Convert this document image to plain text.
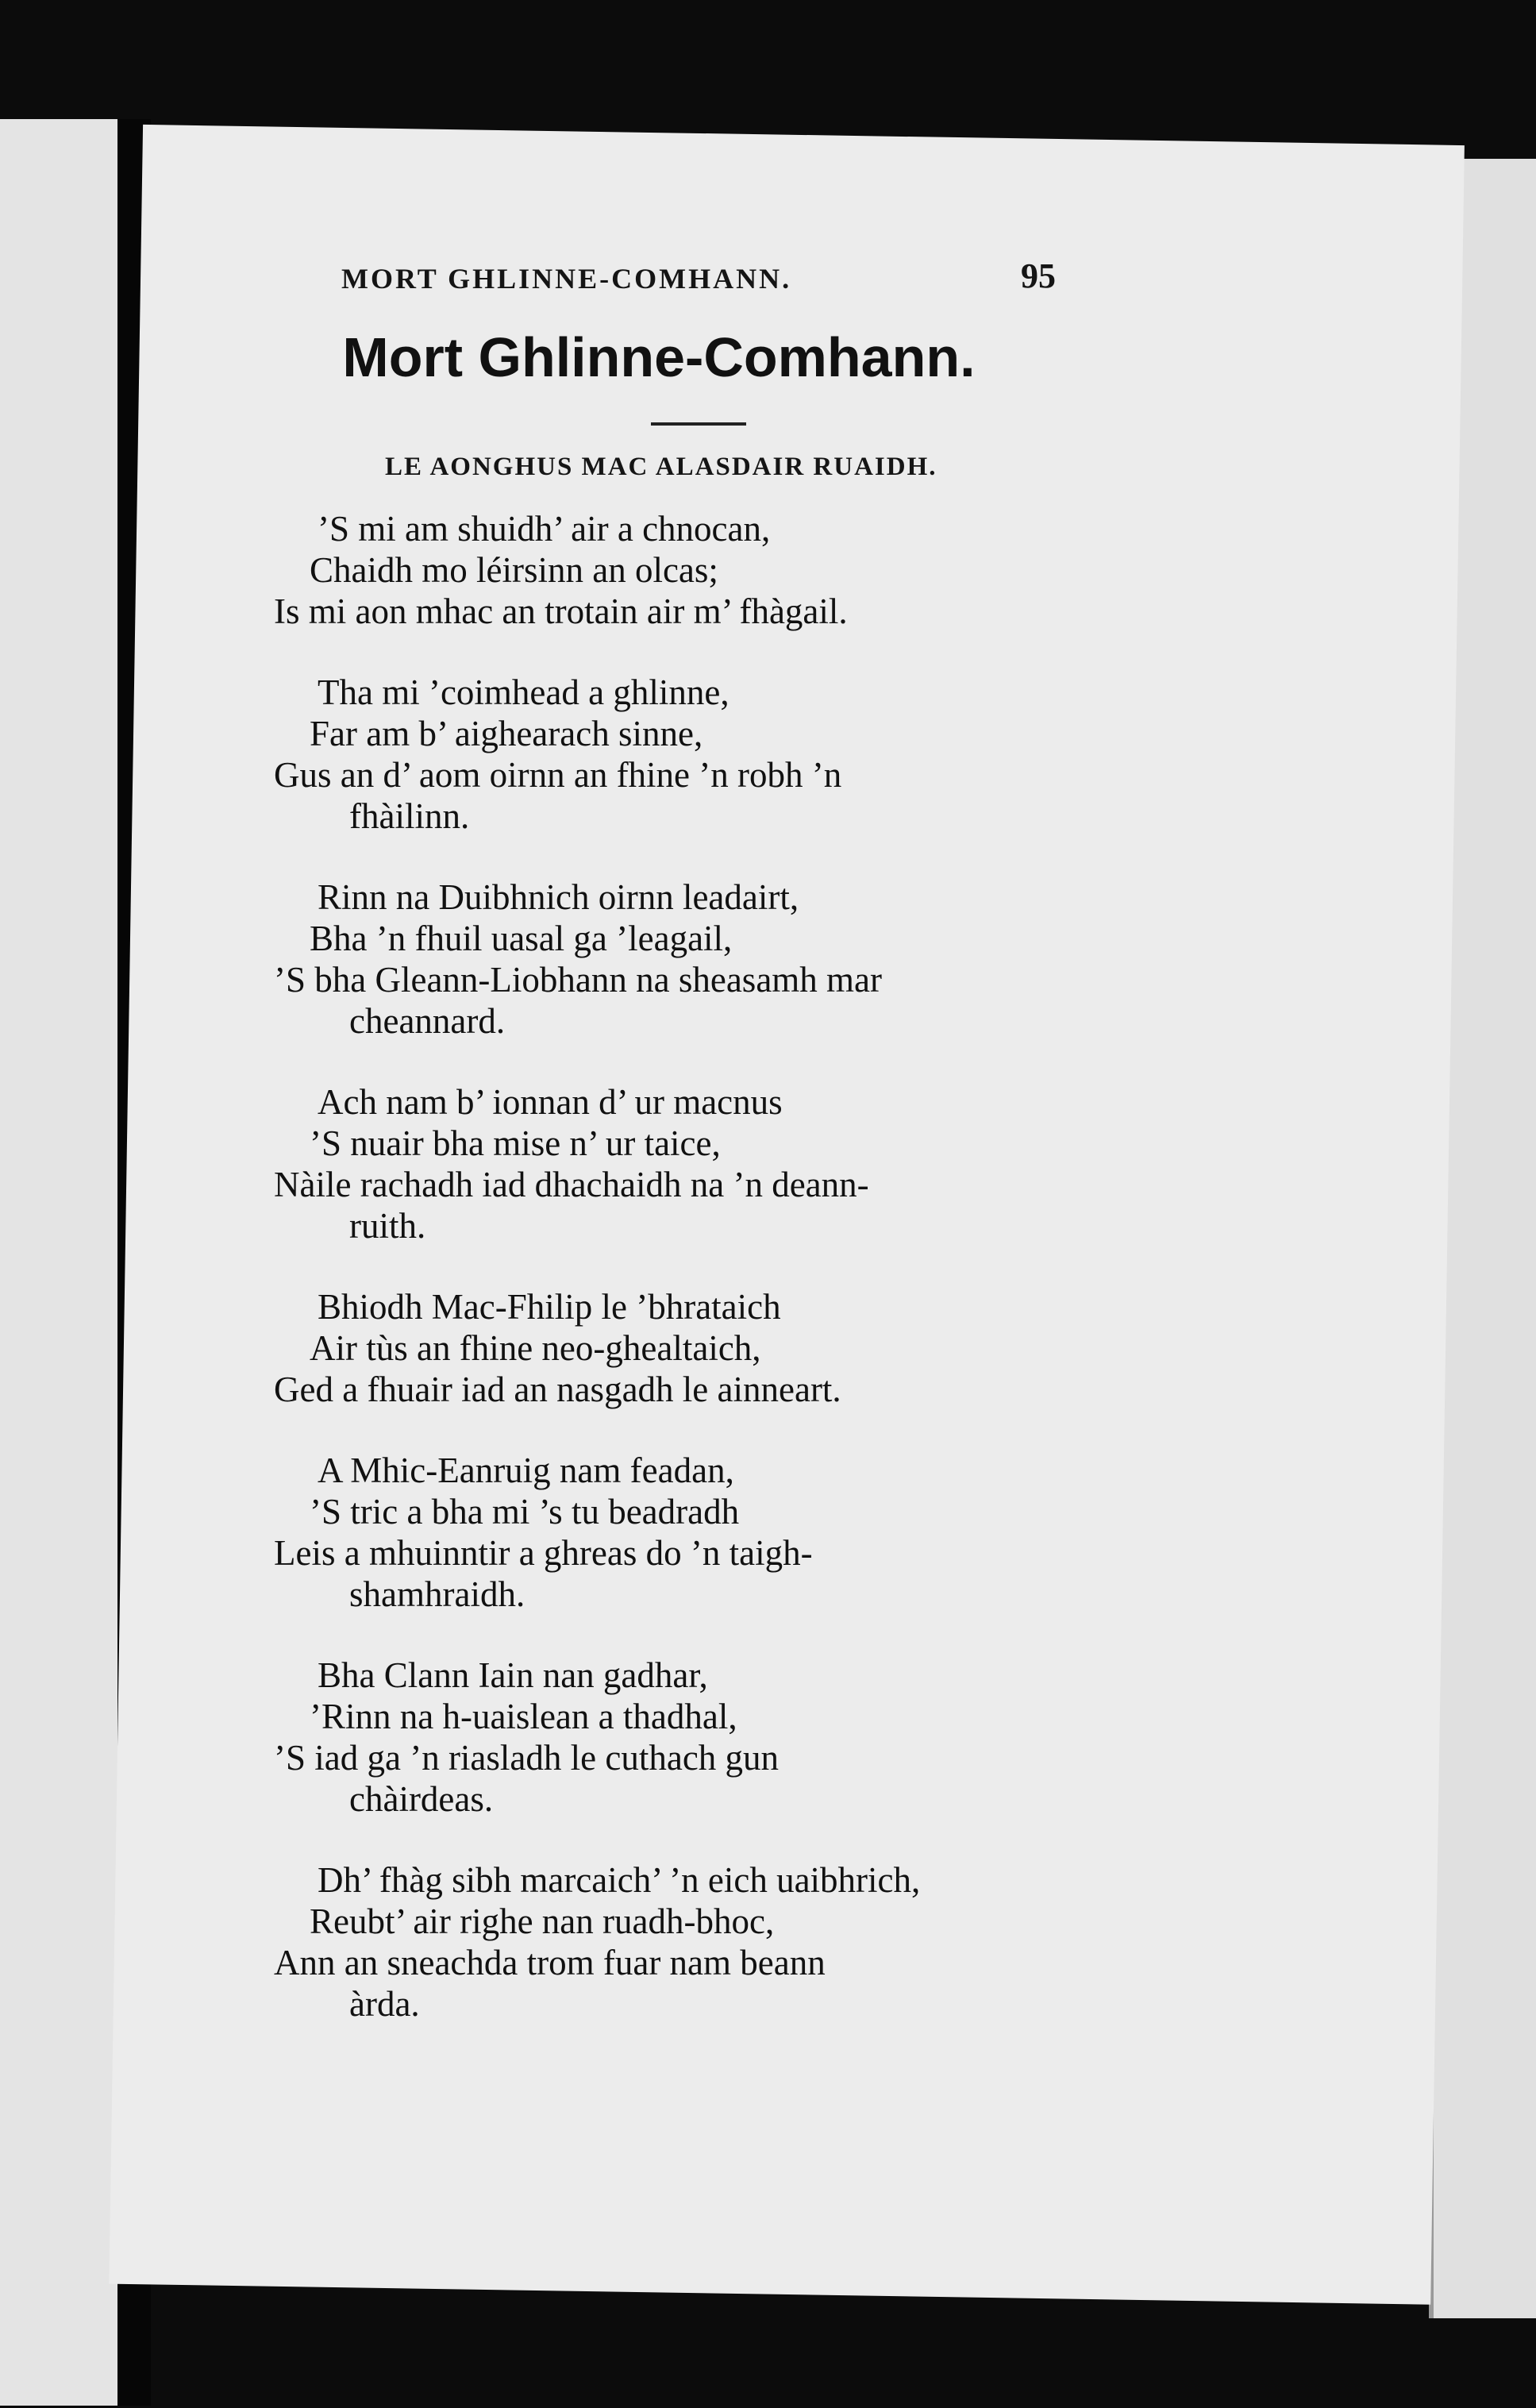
MORT GHLINNE-COMHANN.	95
Mort Ghlinne-Comhann.
LE AONGHUS MAC ALASDAIR RUAIDH.
’S mi am shuidh’ air a chnocan,
Chaidh mo léirsinn an olcas;
Is mi aon mhac an trotain air m’ fhàgail.
Tha mi ’coimhead a ghlinne,
Far am b’ aighearach sinne,
Gus an d’ aom oirnn an fhine ’n robh ’n
fhàilinn.
Rinn na Duibhnich oirnn leadairt,
Bha ’n fhuil uasal ga ’leagail,
’S bha Gleann-Liobhann na sheasamh mar
cheannard.
Ach nam b’ ionnan d’ ur macnus
’S nuair bha mise n’ ur taice,
Nàile rachadh iad dhachaidh na ’n deann-
ruith.
Bhiodh Mac-Fhilip le ’bhrataich
Air tùs an fhine neo-ghealtaich,
Ged a fhuair iad an nasgadh le ainneart.
A Mhic-Eanruig nam feadan,
’S tric a bha mi ’s tu beadradh
Leis a mhuinntir a ghreas do ’n taigh-
shamhraidh.
Bha Clann Iain nan gadhar,
’Rinn na h-uaislean a thadhal,
’S iad ga ’n riasladh le cuthach gun
chàirdeas.
Dh’ fhàg sibh marcaich’ ’n eich uaibhrich,
Reubt’ air righe nan ruadh-bhoc,
Ann an sneachda trom fuar nam beann
àrda.
